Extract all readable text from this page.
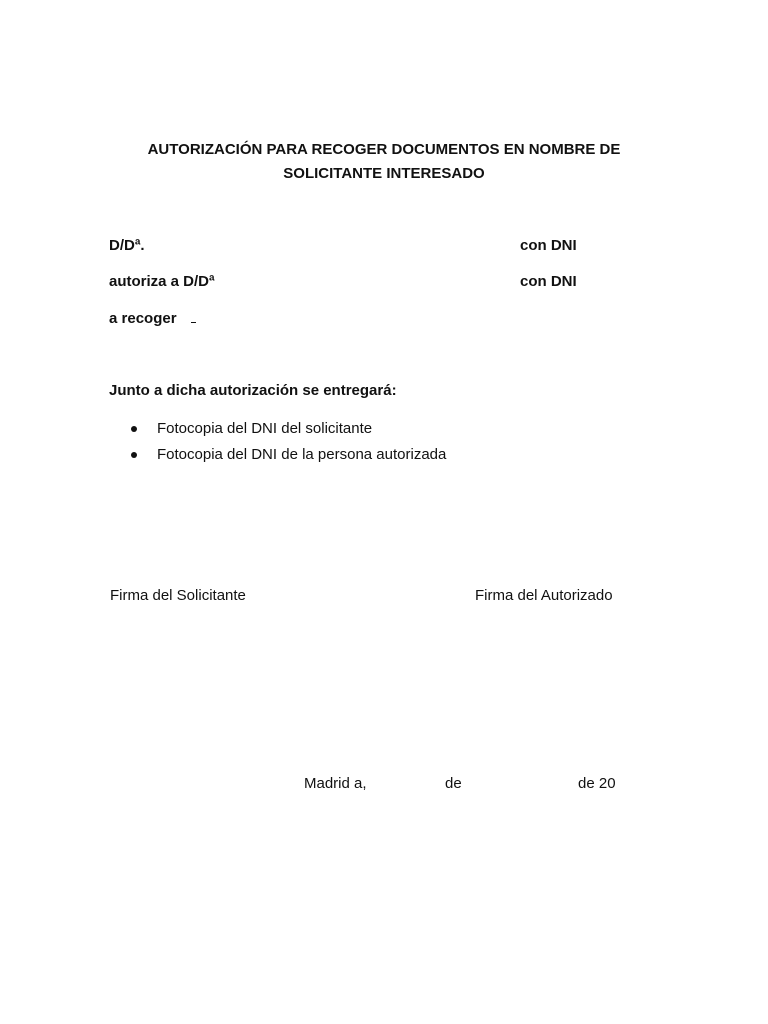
AUTORIZACIÓN PARA RECOGER DOCUMENTOS EN NOMBRE DE
SOLICITANTE INTERESADO
D/Dª.	con DNI
autoriza a D/Dª	con DNI
a recoger
Junto a dicha autorización se entregará:
Fotocopia del DNI del solicitante
Fotocopia del DNI de la persona autorizada
Firma del Solicitante	Firma del Autorizado
Madrid a,	de	de 20
